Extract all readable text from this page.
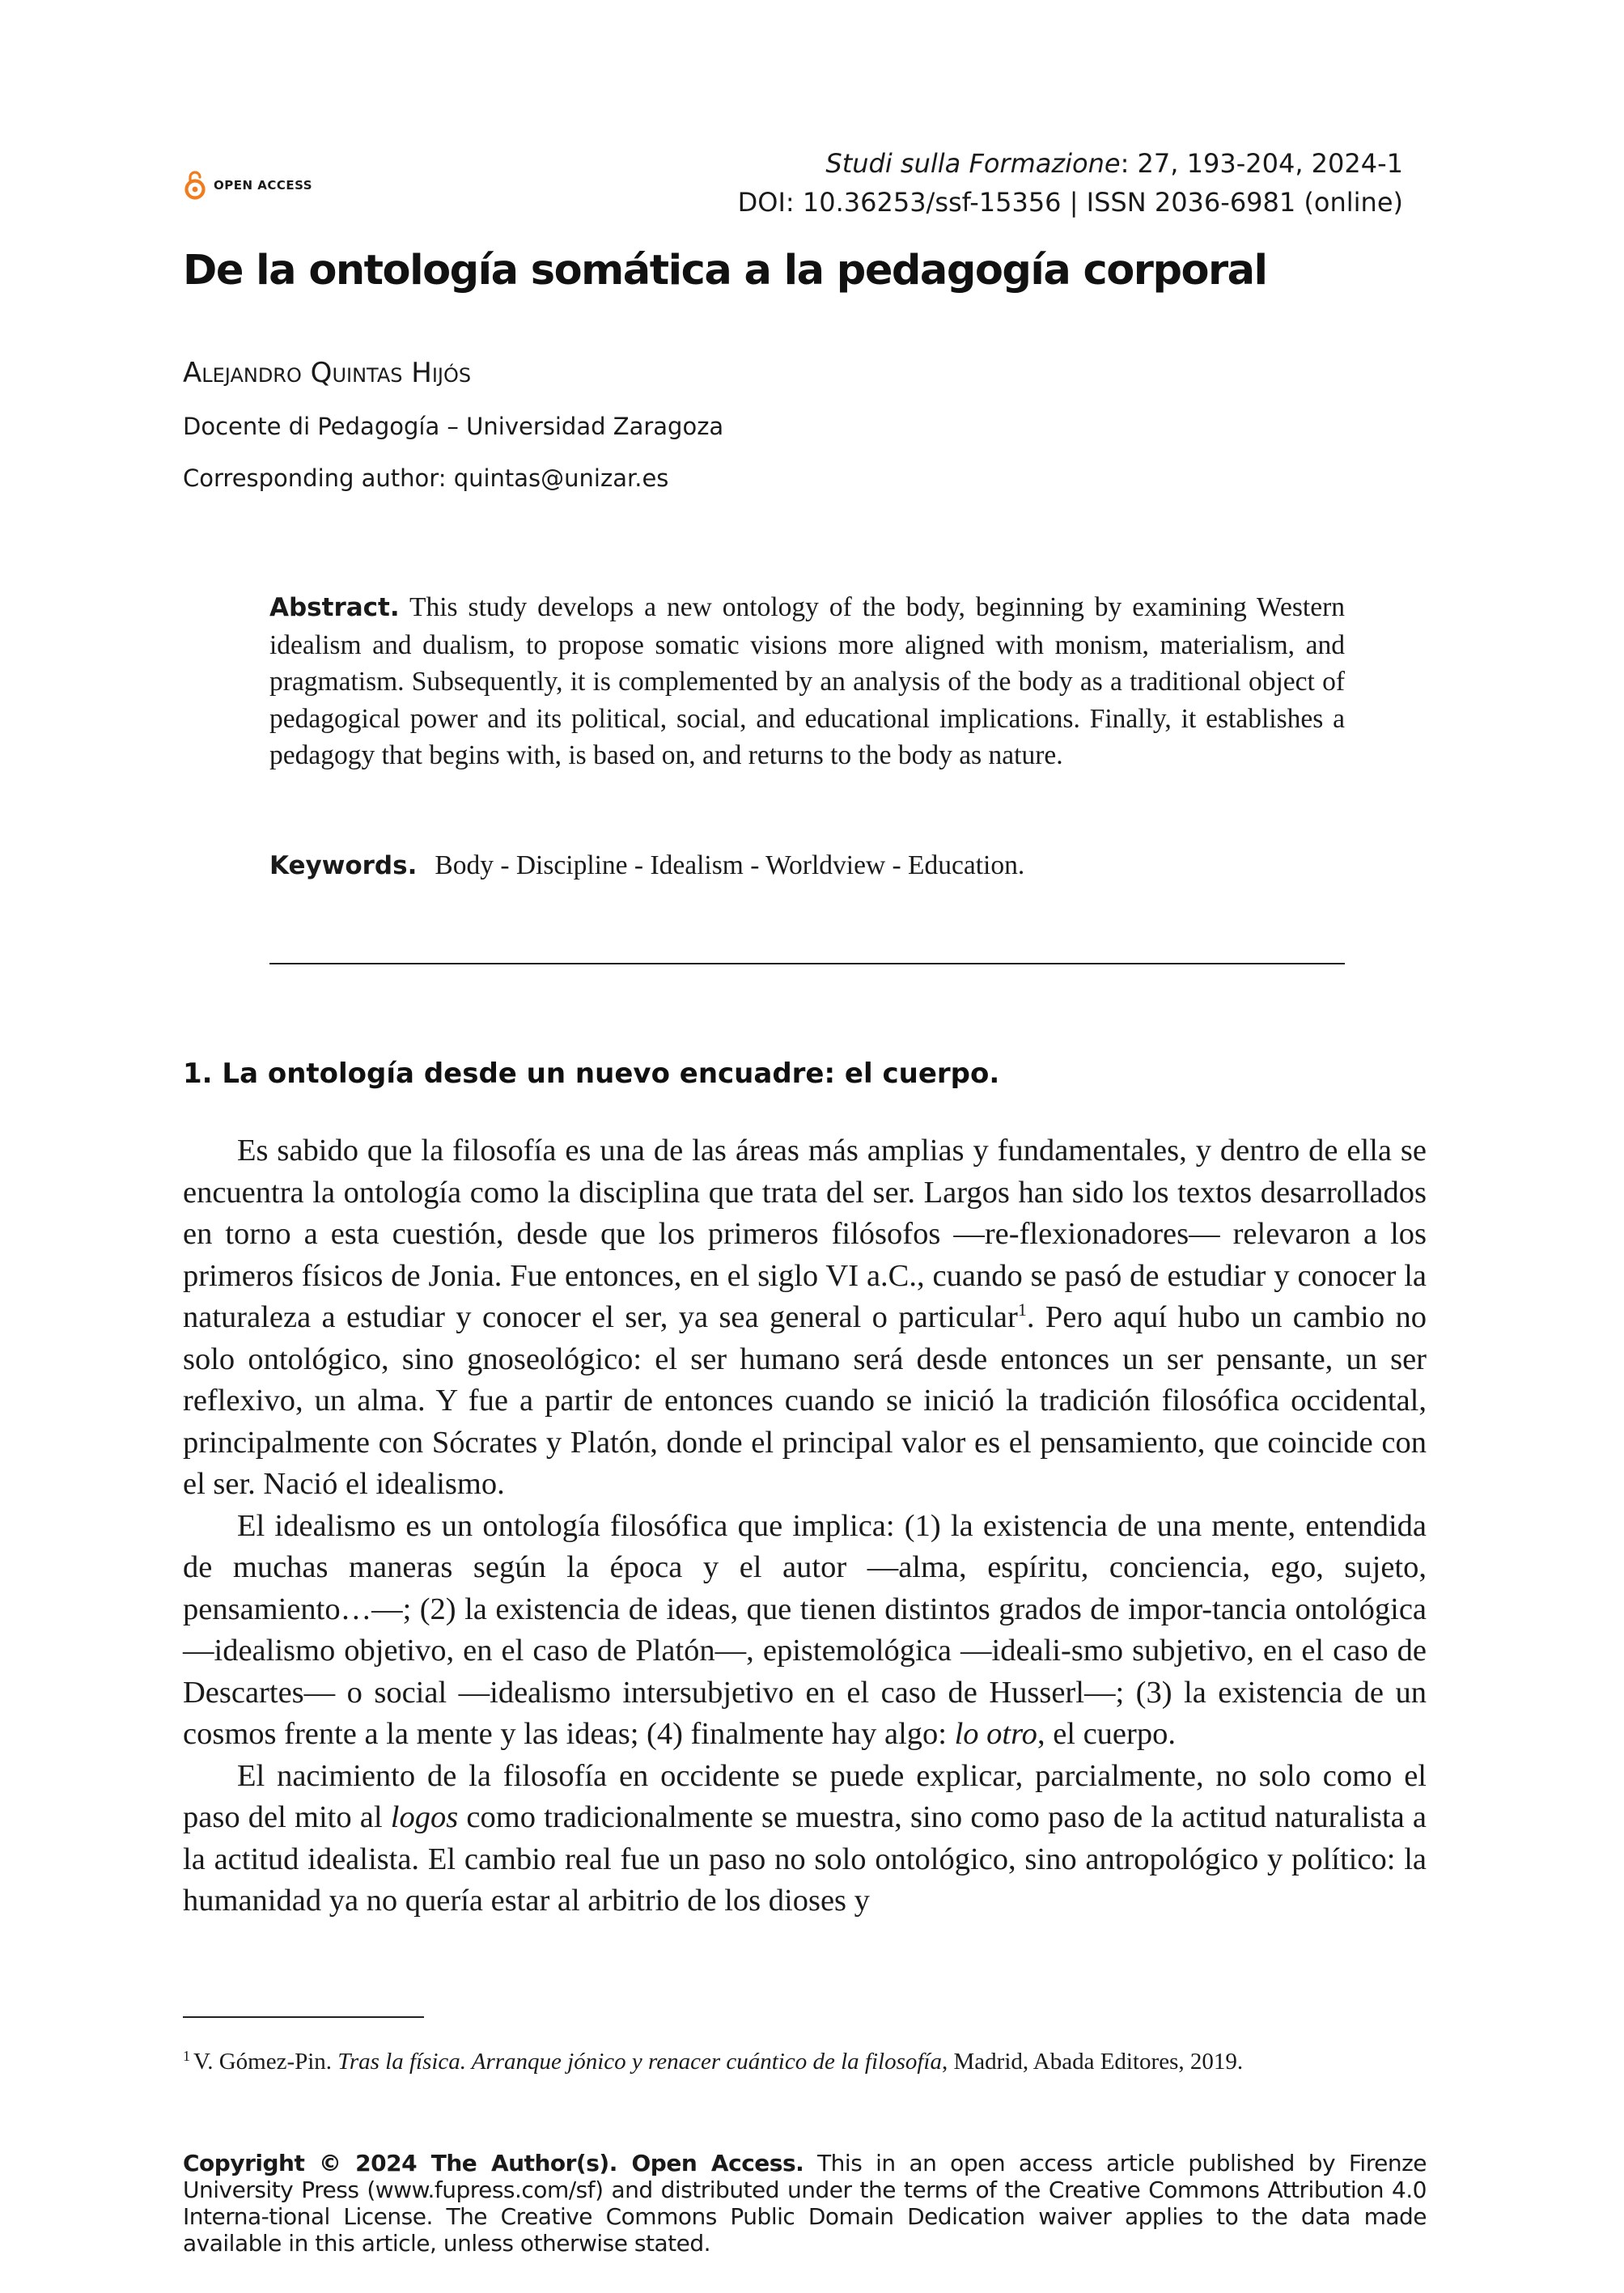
OPEN ACCESS
Studi sulla Formazione: 27, 193-204, 2024-1
DOI: 10.36253/ssf-15356 | ISSN 2036-6981 (online)
De la ontología somática a la pedagogía corporal
Alejandro Quintas Hijós
Docente di Pedagogía – Universidad Zaragoza
Corresponding author: quintas@unizar.es

Abstract. This study develops a new ontology of the body, beginning by examining Western idealism and dualism, to propose somatic visions more aligned with monism, materialism, and pragmatism. Subsequently, it is complemented by an analysis of the body as a traditional object of pedagogical power and its political, social, and educational implications. Finally, it establishes a pedagogy that begins with, is based on, and returns to the body as nature.

Keywords. Body - Discipline - Idealism - Worldview - Education.
1. La ontología desde un nuevo encuadre: el cuerpo.

Es sabido que la filosofía es una de las áreas más amplias y fundamentales, y dentro de ella se encuentra la ontología como la disciplina que trata del ser. Largos han sido los textos desarrollados en torno a esta cuestión, desde que los primeros filósofos —re-flexionadores— relevaron a los primeros físicos de Jonia. Fue entonces, en el siglo VI a.C., cuando se pasó de estudiar y conocer la naturaleza a estudiar y conocer el ser, ya sea general o particular$^1$. Pero aquí hubo un cambio no solo ontológico, sino gnoseológico: el ser humano será desde entonces un ser pensante, un ser reflexivo, un alma. Y fue a partir de entonces cuando se inició la tradición filosófica occidental, principalmente con Sócrates y Platón, donde el principal valor es el pensamiento, que coincide con el ser. Nació el idealismo.

El idealismo es un ontología filosófica que implica: (1) la existencia de una mente, entendida de muchas maneras según la época y el autor —alma, espíritu, conciencia, ego, sujeto, pensamiento…—; (2) la existencia de ideas, que tienen distintos grados de impor-tancia ontológica —idealismo objetivo, en el caso de Platón—, epistemológica —ideali-smo subjetivo, en el caso de Descartes— o social —idealismo intersubjetivo en el caso de Husserl—; (3) la existencia de un cosmos frente a la mente y las ideas; (4) finalmente hay algo: lo otro, el cuerpo.

El nacimiento de la filosofía en occidente se puede explicar, parcialmente, no solo como el paso del mito al logos como tradicionalmente se muestra, sino como paso de la actitud naturalista a la actitud idealista. El cambio real fue un paso no solo ontológico, sino antropológico y político: la humanidad ya no quería estar al arbitrio de los dioses y

$^1$ V. Gómez-Pin. Tras la física. Arranque jónico y renacer cuántico de la filosofía, Madrid, Abada Editores, 2019.
Copyright © 2024 The Author(s). Open Access. This in an open access article published by Firenze University Press (www.fupress.com/sf) and distributed under the terms of the Creative Commons Attribution 4.0 Interna-tional License. The Creative Commons Public Domain Dedication waiver applies to the data made available in this article, unless otherwise stated.
